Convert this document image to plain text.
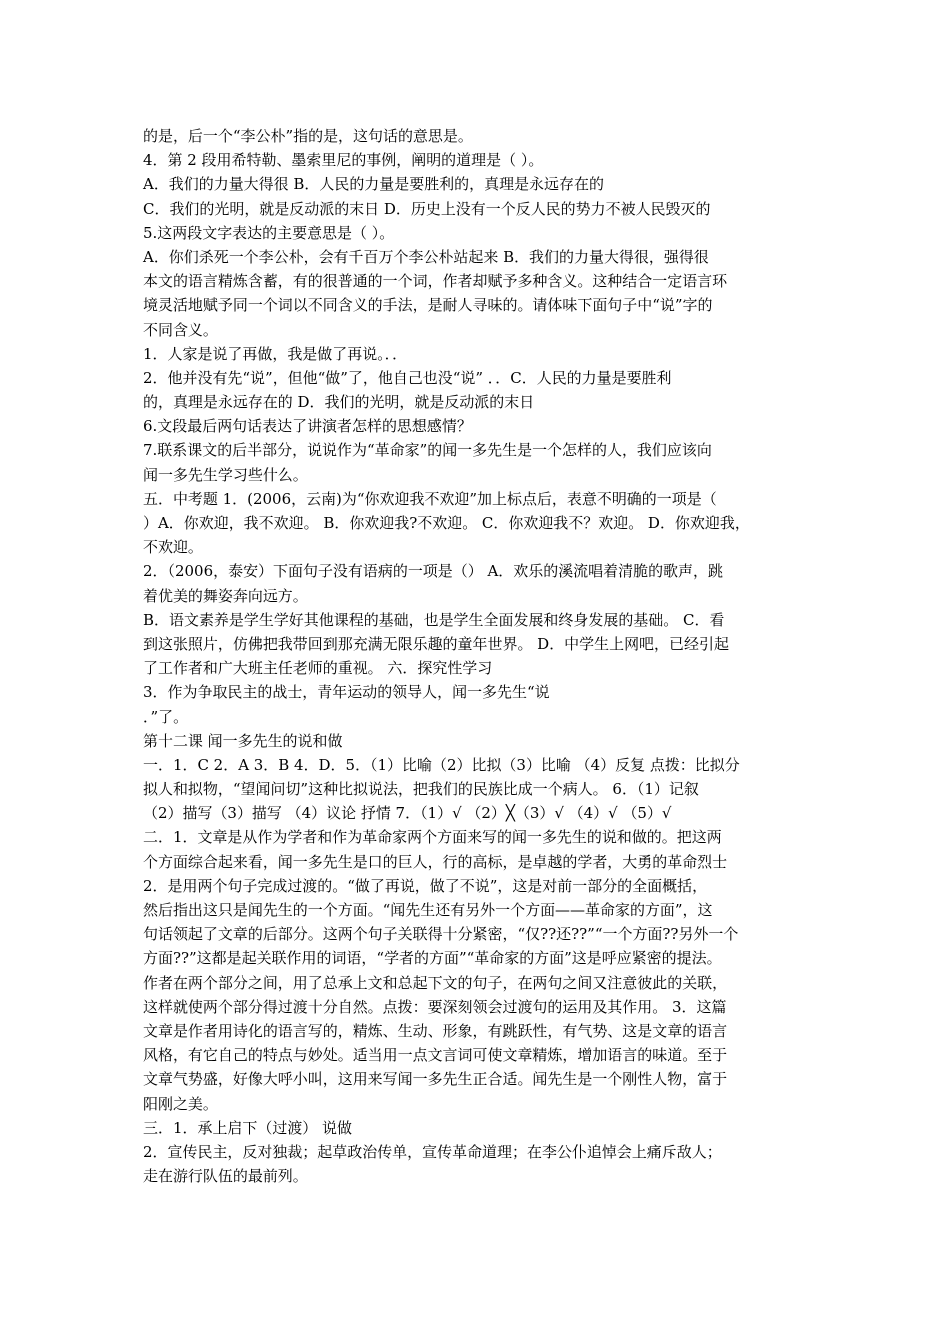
的是，后一个“李公朴”指的是，这句话的意思是。
4．第 2 段用希特勒、墨索里尼的事例，阐明的道理是（ ）。
A．我们的力量大得很 B．人民的力量是要胜利的，真理是永远存在的
C．我们的光明，就是反动派的末日 D．历史上没有一个反人民的势力不被人民毁灭的
5.这两段文字表达的主要意思是（ ）。
A．你们杀死一个李公朴，会有千百万个李公朴站起来 B．我们的力量大得很，强得很
本文的语言精炼含蓄，有的很普通的一个词，作者却赋予多种含义。这种结合一定语言环
境灵活地赋予同一个词以不同含义的手法，是耐人寻味的。请体味下面句子中“说”字的
不同含义。
1．人家是说了再做，我是做了再说。．．
2．他并没有先“说”，但他“做”了，他自己也没“说” ．．C．人民的力量是要胜利
的，真理是永远存在的 D．我们的光明，就是反动派的末日
6.文段最后两句话表达了讲演者怎样的思想感情？
7.联系课文的后半部分，说说作为“革命家”的闻一多先生是一个怎样的人，我们应该向
闻一多先生学习些什么。
五．中考题 1．(2006，云南)为“你欢迎我不欢迎”加上标点后，表意不明确的一项是（
）A．你欢迎，我不欢迎。 B．你欢迎我?不欢迎。 C．你欢迎我不？欢迎。 D．你欢迎我，
不欢迎。
2．（2006，泰安）下面句子没有语病的一项是（） A．欢乐的溪流唱着清脆的歌声，跳
着优美的舞姿奔向远方。
B．语文素养是学生学好其他课程的基础，也是学生全面发展和终身发展的基础。 C．看
到这张照片，仿佛把我带回到那充满无限乐趣的童年世界。 D．中学生上网吧，已经引起
了工作者和广大班主任老师的重视。 六．探究性学习
3．作为争取民主的战士，青年运动的领导人，闻一多先生“说
．”了。
第十二课 闻一多先生的说和做
一．1．C 2．A 3．B 4．D．5．（1）比喻（2）比拟（3）比喻 （4）反复 点拨：比拟分
拟人和拟物，“望闻问切”这种比拟说法，把我们的民族比成一个病人。 6．（1）记叙
（2）描写（3）描写 （4）议论 抒情 7．（1）√ （2）╳（3）√ （4）√ （5）√
二．1．文章是从作为学者和作为革命家两个方面来写的闻一多先生的说和做的。把这两
个方面综合起来看，闻一多先生是口的巨人，行的高标，是卓越的学者，大勇的革命烈士
2．是用两个句子完成过渡的。“做了再说，做了不说”，这是对前一部分的全面概括，
然后指出这只是闻先生的一个方面。“闻先生还有另外一个方面——革命家的方面”，这
句话领起了文章的后部分。这两个句子关联得十分紧密，“仅??还??”“一个方面??另外一个
方面??”这都是起关联作用的词语，“学者的方面”“革命家的方面”这是呼应紧密的提法。
作者在两个部分之间，用了总承上文和总起下文的句子，在两句之间又注意彼此的关联，
这样就使两个部分得过渡十分自然。点拨：要深刻领会过渡句的运用及其作用。 3．这篇
文章是作者用诗化的语言写的，精炼、生动、形象，有跳跃性，有气势、这是文章的语言
风格，有它自己的特点与妙处。适当用一点文言词可使文章精炼，增加语言的味道。至于
文章气势盛，好像大呼小叫，这用来写闻一多先生正合适。闻先生是一个刚性人物，富于
阳刚之美。
三．1．承上启下（过渡） 说做
2．宣传民主，反对独裁；起草政治传单，宣传革命道理；在李公仆追悼会上痛斥敌人；
走在游行队伍的最前列。
